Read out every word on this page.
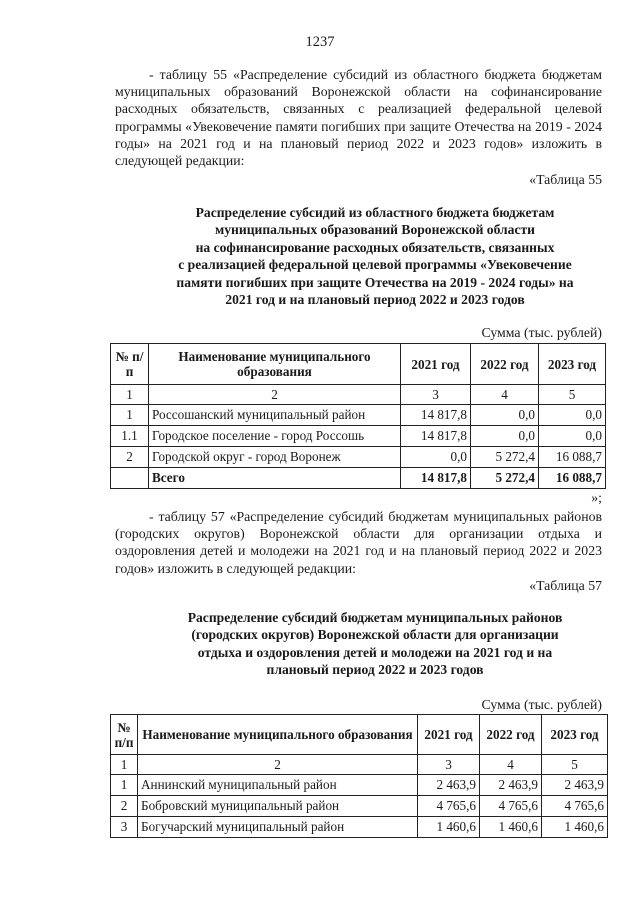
1237
- таблицу 55 «Распределение субсидий из областного бюджета бюджетам муниципальных образований Воронежской области на софинансирование расходных обязательств, связанных с реализацией федеральной целевой программы «Увековечение памяти погибших при защите Отечества на 2019 - 2024 годы» на 2021 год и на плановый период 2022 и 2023 годов» изложить в следующей редакции:
«Таблица 55
Распределение субсидий из областного бюджета бюджетам
муниципальных образований Воронежской области
на софинансирование расходных обязательств, связанных
с реализацией федеральной целевой программы «Увековечение
памяти погибших при защите Отечества на 2019 - 2024 годы» на
2021 год и на плановый период 2022 и 2023 годов
Сумма (тыс. рублей)
№ п/п	Наименование муниципального образования	2021 год	2022 год	2023 год
1	2	3	4	5
1	Россошанский муниципальный район	14 817,8	0,0	0,0
1.1	Городское поселение - город Россошь	14 817,8	0,0	0,0
2	Городской округ - город Воронеж	0,0	5 272,4	16 088,7
	Всего	14 817,8	5 272,4	16 088,7
»;
- таблицу 57 «Распределение субсидий бюджетам муниципальных районов (городских округов) Воронежской области для организации отдыха и оздоровления детей и молодежи на 2021 год и на плановый период 2022 и 2023 годов» изложить в следующей редакции:
«Таблица 57
Распределение субсидий бюджетам муниципальных районов
(городских округов) Воронежской области для организации
отдыха и оздоровления детей и молодежи на 2021 год и на
плановый период 2022 и 2023 годов
Сумма (тыс. рублей)
№ п/п	Наименование муниципального образования	2021 год	2022 год	2023 год
1	2	3	4	5
1	Аннинский муниципальный район	2 463,9	2 463,9	2 463,9
2	Бобровский муниципальный район	4 765,6	4 765,6	4 765,6
3	Богучарский муниципальный район	1 460,6	1 460,6	1 460,6
